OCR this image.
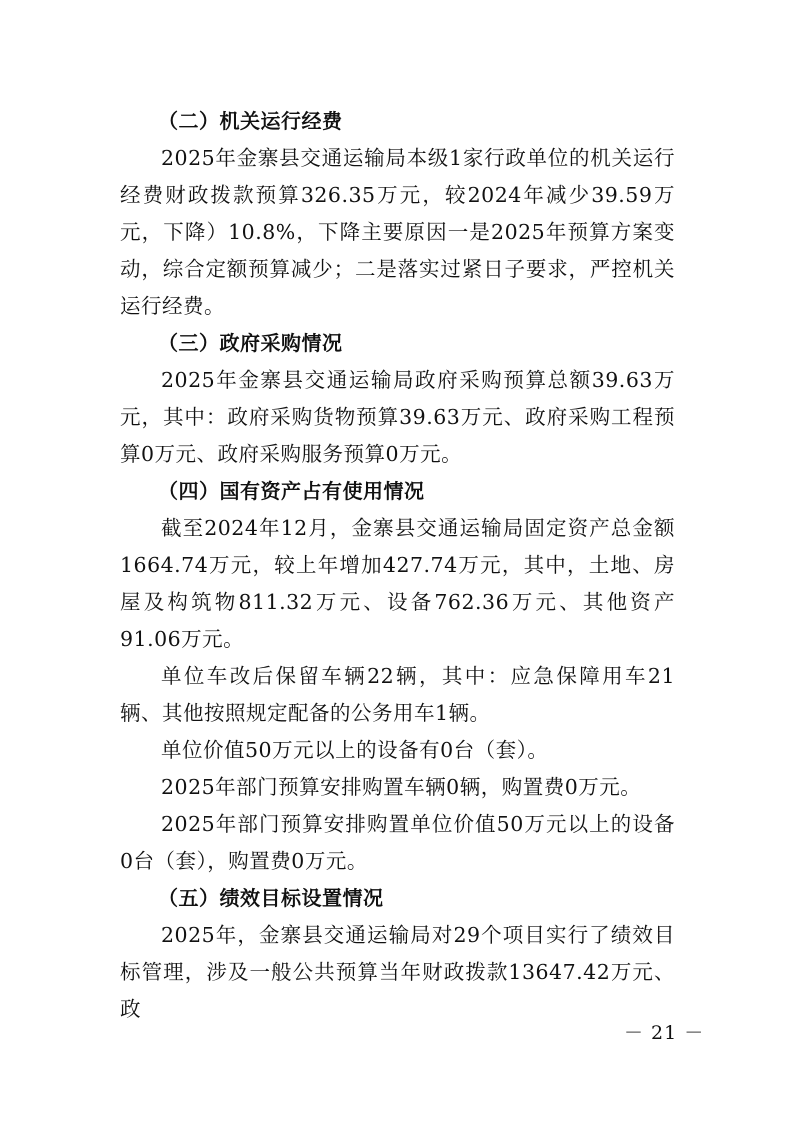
（二）机关运行经费

2025年金寨县交通运输局本级1家行政单位的机关运行经费财政拨款预算326.35万元，较2024年减少39.59万元，下降）10.8%，下降主要原因一是2025年预算方案变动，综合定额预算减少；二是落实过紧日子要求，严控机关运行经费。

（三）政府采购情况

2025年金寨县交通运输局政府采购预算总额39.63万元，其中：政府采购货物预算39.63万元、政府采购工程预算0万元、政府采购服务预算0万元。

（四）国有资产占有使用情况

截至2024年12月，金寨县交通运输局固定资产总金额1664.74万元，较上年增加427.74万元，其中，土地、房屋及构筑物811.32万元、设备762.36万元、其他资产91.06万元。

单位车改后保留车辆22辆，其中：应急保障用车21辆、其他按照规定配备的公务用车1辆。

单位价值50万元以上的设备有0台（套）。

2025年部门预算安排购置车辆0辆，购置费0万元。

2025年部门预算安排购置单位价值50万元以上的设备0台（套），购置费0万元。

（五）绩效目标设置情况

2025年，金寨县交通运输局对29个项目实行了绩效目标管理，涉及一般公共预算当年财政拨款13647.42万元、政

－ 21 －
